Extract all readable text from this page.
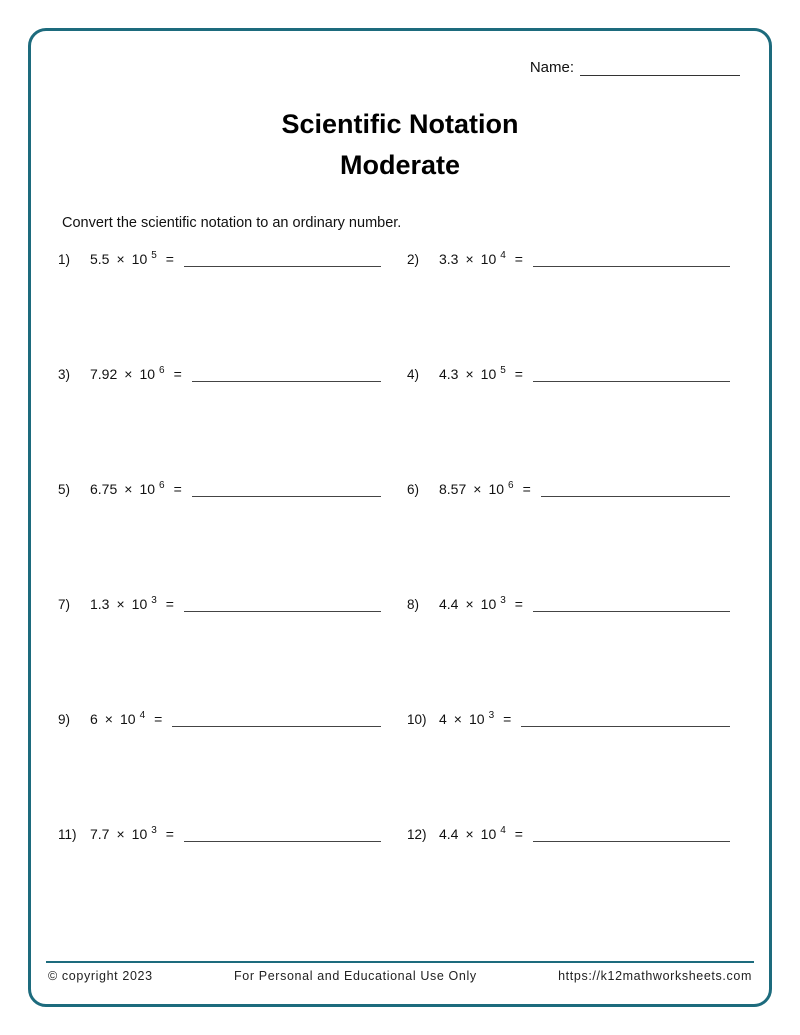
Name:
Scientific Notation
Moderate
Convert the scientific notation to an ordinary number.
1)	5.5 × 10 $^5$ =	2)	3.3 × 10 $^4$ =
3)	7.92 × 10 $^6$ =	4)	4.3 × 10 $^5$ =
5)	6.75 × 10 $^6$ =	6)	8.57 × 10 $^6$ =
7)	1.3 × 10 $^3$ =	8)	4.4 × 10 $^3$ =
9)	6 × 10 $^4$ =	10) 4 × 10 $^3$ =
11) 7.7 × 10 $^3$ =	12) 4.4 × 10 $^4$ =
© copyright 2023	For Personal and Educational Use Only	https://k12mathworksheets.com
